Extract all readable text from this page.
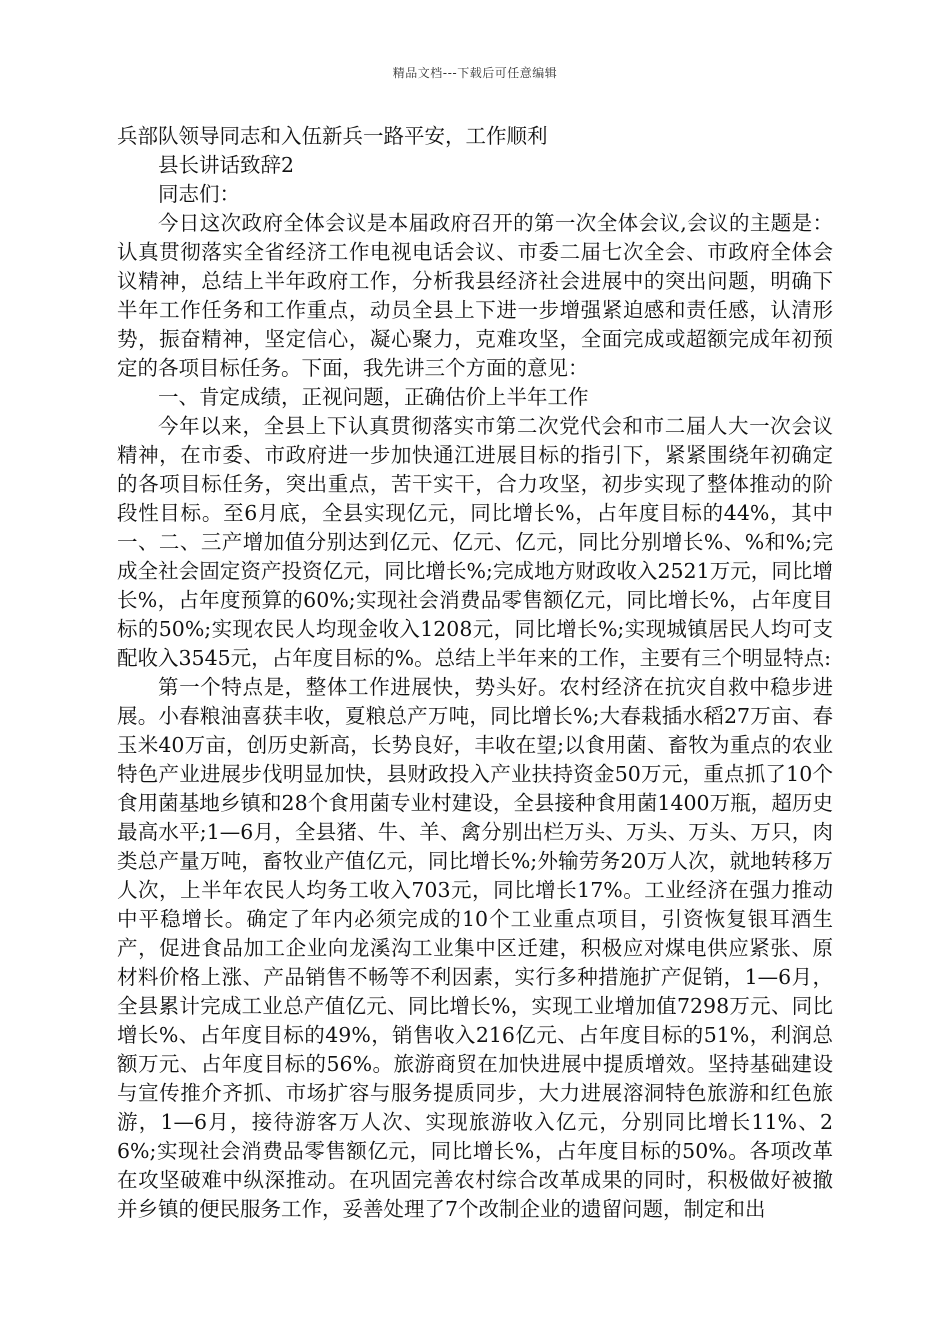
精品文档---下载后可任意编辑

兵部队领导同志和入伍新兵一路平安，工作顺利

县长讲话致辞2

同志们：

今日这次政府全体会议是本届政府召开的第一次全体会议,会议的主题是：认真贯彻落实全省经济工作电视电话会议、市委二届七次全会、市政府全体会议精神，总结上半年政府工作，分析我县经济社会进展中的突出问题，明确下半年工作任务和工作重点，动员全县上下进一步增强紧迫感和责任感，认清形势，振奋精神，坚定信心，凝心聚力，克难攻坚，全面完成或超额完成年初预定的各项目标任务。下面，我先讲三个方面的意见：

一、肯定成绩，正视问题，正确估价上半年工作

今年以来，全县上下认真贯彻落实市第二次党代会和市二届人大一次会议精神，在市委、市政府进一步加快通江进展目标的指引下，紧紧围绕年初确定的各项目标任务，突出重点，苦干实干，合力攻坚，初步实现了整体推动的阶段性目标。至6月底，全县实现亿元，同比增长%，占年度目标的44%，其中一、二、三产增加值分别达到亿元、亿元、亿元，同比分别增长%、%和%;完成全社会固定资产投资亿元，同比增长%;完成地方财政收入2521万元，同比增长%，占年度预算的60%;实现社会消费品零售额亿元，同比增长%，占年度目标的50%;实现农民人均现金收入1208元，同比增长%;实现城镇居民人均可支配收入3545元，占年度目标的%。总结上半年来的工作，主要有三个明显特点:

第一个特点是，整体工作进展快，势头好。农村经济在抗灾自救中稳步进展。小春粮油喜获丰收，夏粮总产万吨，同比增长%;大春栽插水稻27万亩、春玉米40万亩，创历史新高，长势良好，丰收在望;以食用菌、畜牧为重点的农业特色产业进展步伐明显加快，县财政投入产业扶持资金50万元，重点抓了10个食用菌基地乡镇和28个食用菌专业村建设，全县接种食用菌1400万瓶，超历史最高水平;1—6月，全县猪、牛、羊、禽分别出栏万头、万头、万头、万只，肉类总产量万吨，畜牧业产值亿元，同比增长%;外输劳务20万人次，就地转移万人次，上半年农民人均务工收入703元，同比增长17%。工业经济在强力推动中平稳增长。确定了年内必须完成的10个工业重点项目，引资恢复银耳酒生产，促进食品加工企业向龙溪沟工业集中区迁建，积极应对煤电供应紧张、原材料价格上涨、产品销售不畅等不利因素，实行多种措施扩产促销，1—6月，全县累计完成工业总产值亿元、同比增长%，实现工业增加值7298万元、同比增长%、占年度目标的49%，销售收入216亿元、占年度目标的51%，利润总额万元、占年度目标的56%。旅游商贸在加快进展中提质增效。坚持基础建设与宣传推介齐抓、市场扩容与服务提质同步，大力进展溶洞特色旅游和红色旅游，1—6月，接待游客万人次、实现旅游收入亿元，分别同比增长11%、26%;实现社会消费品零售额亿元，同比增长%，占年度目标的50%。各项改革在攻坚破难中纵深推动。在巩固完善农村综合改革成果的同时，积极做好被撤并乡镇的便民服务工作，妥善处理了7个改制企业的遗留问题，制定和出
